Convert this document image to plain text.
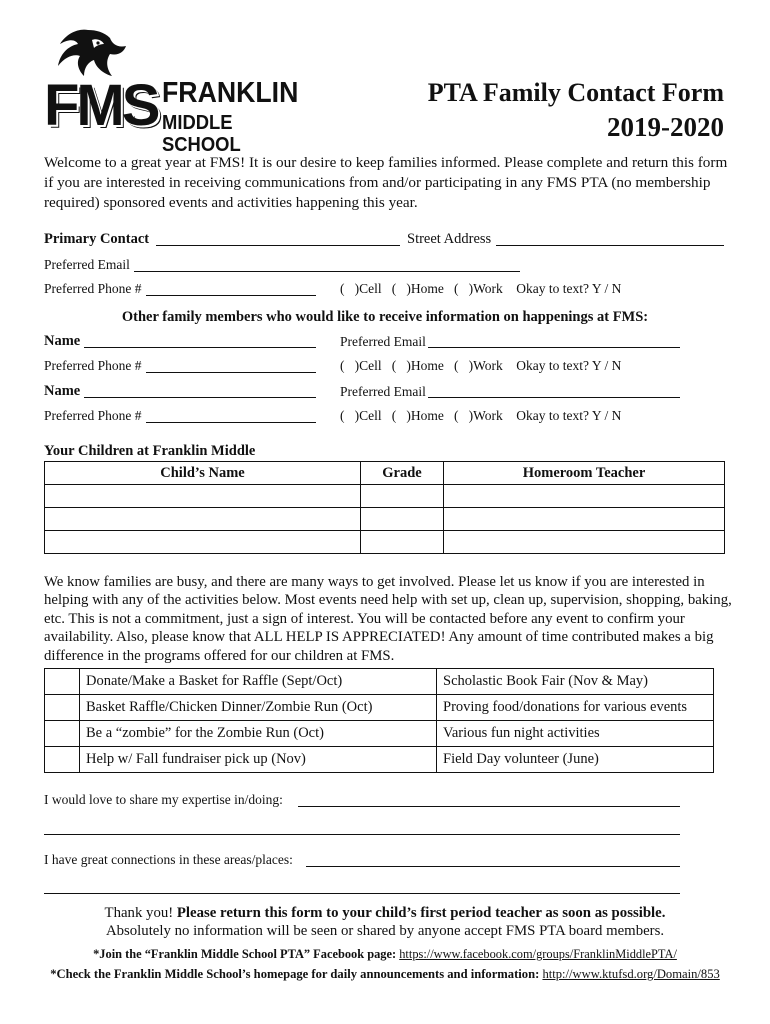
FMS FRANKLIN
MIDDLE SCHOOL
PTA Family Contact Form
2019-2020
Welcome to a great year at FMS! It is our desire to keep families informed. Please complete and return this form if you are interested in receiving communications from and/or participating in any FMS PTA (no membership required) sponsored events and activities happening this year.
Primary Contact	Street Address
Preferred Email
Preferred Phone #	(   )Cell   (   )Home   (   )Work    Okay to text? Y / N
Other family members who would like to receive information on happenings at FMS:
Name	Preferred Email
Preferred Phone #	(   )Cell   (   )Home   (   )Work    Okay to text? Y / N
Name	Preferred Email
Preferred Phone #	(   )Cell   (   )Home   (   )Work    Okay to text? Y / N
Your Children at Franklin Middle
Child’s Name	Grade	Homeroom Teacher

We know families are busy, and there are many ways to get involved. Please let us know if you are interested in helping with any of the activities below. Most events need help with set up, clean up, supervision, shopping, baking, etc. This is not a commitment, just a sign of interest. You will be contacted before any event to confirm your availability. Also, please know that ALL HELP IS APPRECIATED! Any amount of time contributed makes a big difference in the programs offered for our children at FMS.
	Donate/Make a Basket for Raffle (Sept/Oct)	Scholastic Book Fair (Nov & May)
	Basket Raffle/Chicken Dinner/Zombie Run (Oct)	Proving food/donations for various events
	Be a “zombie” for the Zombie Run (Oct)	Various fun night activities
	Help w/ Fall fundraiser pick up (Nov)	Field Day volunteer (June)
I would love to share my expertise in/doing:
I have great connections in these areas/places:
Thank you! Please return this form to your child’s first period teacher as soon as possible.
Absolutely no information will be seen or shared by anyone accept FMS PTA board members.
*Join the “Franklin Middle School PTA” Facebook page: https://www.facebook.com/groups/FranklinMiddlePTA/
*Check the Franklin Middle School’s homepage for daily announcements and information: http://www.ktufsd.org/Domain/853
